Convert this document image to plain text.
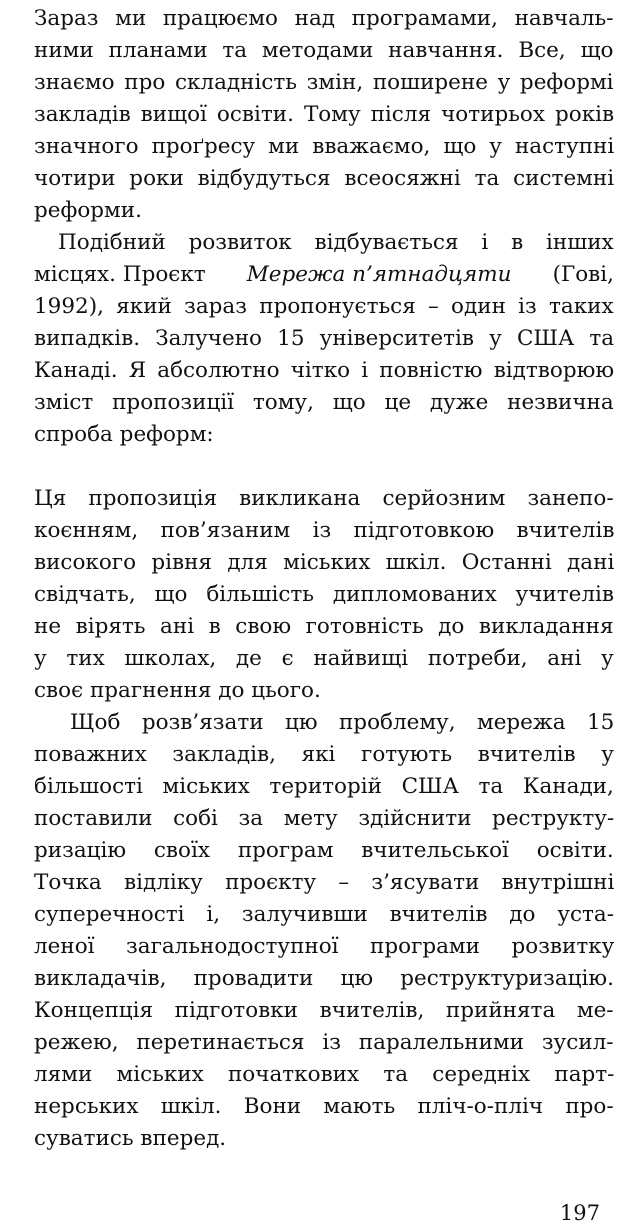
Зараз ми працюємо над програмами, навчаль-
ними планами та методами навчання. Все, що
знаємо про складність змін, поширене у реформі
закладів вищої освіти. Тому після чотирьох років
значного проґресу ми вважаємо, що у наступні
чотири роки відбудуться всеосяжні та системні
реформи.
Подібний розвиток відбувається і в інших
місцях. Проєкт Мережа п’ятнадцяти (Гові,
1992), який зараз пропонується – один із таких
випадків. Залучено 15 університетів у США та
Канаді. Я абсолютно чітко і повністю відтворюю
зміст пропозиції тому, що це дуже незвична
спроба реформ:
Ця пропозиція викликана серйозним занепо-
коєнням, пов’язаним із підготовкою вчителів
високого рівня для міських шкіл. Останні дані
свідчать, що більшість дипломованих учителів
не вірять ані в свою готовність до викладання
у тих школах, де є найвищі потреби, ані у
своє прагнення до цього.
Щоб розв’язати цю проблему, мережа 15
поважних закладів, які готують вчителів у
більшості міських територій США та Канади,
поставили собі за мету здійснити реструкту-
ризацію своїх програм вчительської освіти.
Точка відліку проєкту – з’ясувати внутрішні
суперечності і, залучивши вчителів до уста-
леної загальнодоступної програми розвитку
викладачів, провадити цю реструктуризацію.
Концепція підготовки вчителів, прийнята ме-
режею, перетинається із паралельними зусил-
лями міських початкових та середніх парт-
нерських шкіл. Вони мають пліч-о-пліч про-
суватись вперед.
197
